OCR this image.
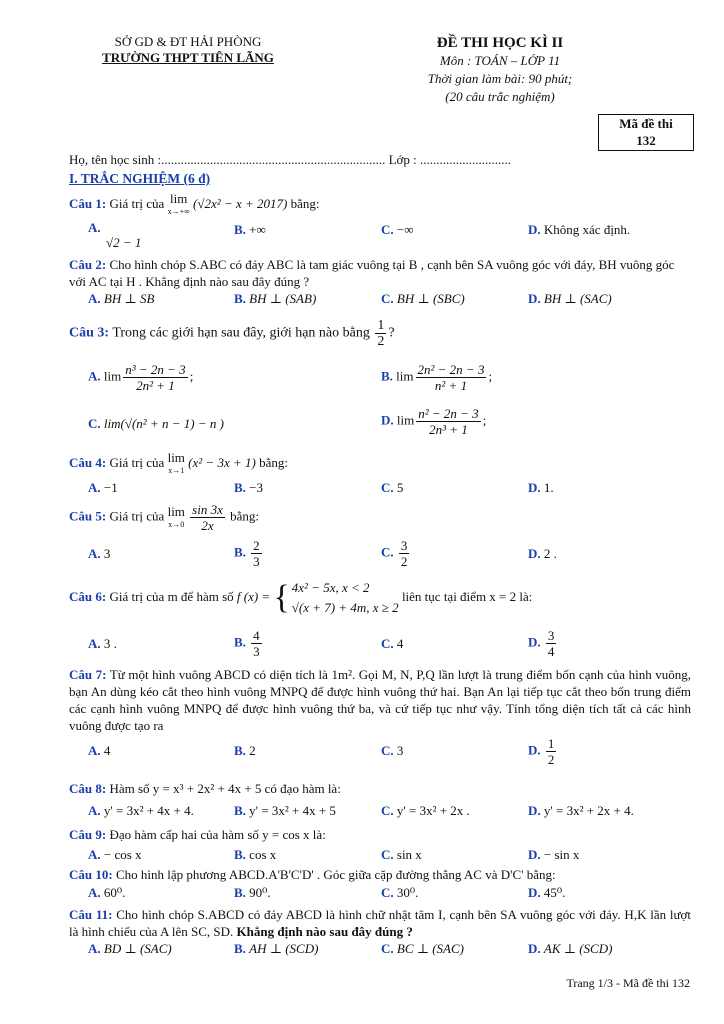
SỞ GD & ĐT HẢI PHÒNG
TRƯỜNG THPT TIÊN LÃNG
ĐỀ THI HỌC KÌ II
Môn : TOÁN – LỚP 11
Thời gian làm bài: 90 phút;
(20 câu trắc nghiệm)
Mã đề thi
132
Họ, tên học sinh :..................................................................... Lớp : ............................
I. TRẮC NGHIỆM (6 đ)
Câu 1: Giá trị của lim
x→+∞ (√2x² − x + 2017) bằng:
A.
√2 − 1
B. +∞	C. −∞	D. Không xác định.
Câu 2: Cho hình chóp S.ABC có đáy ABC là tam giác vuông tại B , cạnh bên SA vuông góc với đáy, BH vuông góc với AC tại H . Khẳng định nào sau đây đúng ?
A. BH ⊥ SB	B. BH ⊥ (SAB)	C. BH ⊥ (SBC)	D. BH ⊥ (SAC)
Câu 3: Trong các giới hạn sau đây, giới hạn nào bằng $\frac{1}{2}$ ?
A. $\lim \frac{\text{n³ − 2n − 3}}{\text{2n² + 1}}$ ;	B. $\lim \frac{\text{2n² − 2n − 3}}{\text{n² + 1}}$ ;
C. lim(√(n² + n − 1) − n )	D. $\lim \frac{\text{n² − 2n − 3}}{\text{2n³ + 1}}$ ;
Câu 4: Giá trị của lim
x→1 (x² − 3x + 1) bằng:
A. −1	B. −3	C. 5	D. 1.
Câu 5: Giá trị của lim
$x\to 0 \frac{\sin 3x}{2x}$ bằng:
A. 3	B. $\frac{2}{3}$	C. $\frac{3}{2}$	D. 2 .
Câu 6: Giá trị của m để hàm số f (x) = { 4x² − 5x, x < 2
√(x + 7) + 4m, x ≥ 2 liên tục tại điểm x = 2 là:
A. 3 .	B. $\frac{4}{3}$	C. 4	D. $\frac{3}{4}$
Câu 7: Từ một hình vuông ABCD có diện tích là 1m². Gọi M, N, P,Q lần lượt là trung điểm bốn cạnh của hình vuông, bạn An dùng kéo cắt theo hình vuông MNPQ để được hình vuông thứ hai. Bạn An lại tiếp tục cắt theo bốn trung điểm các cạnh hình vuông MNPQ để được hình vuông thứ ba, và cứ tiếp tục như vậy. Tính tổng diện tích tất cả các hình vuông được tạo ra
A. 4	B. 2	C. 3	D. $\frac{1}{2}$
Câu 8: Hàm số y = x³ + 2x² + 4x + 5 có đạo hàm là:
A. y' = 3x² + 4x + 4.	B. y' = 3x² + 4x + 5	C. y' = 3x² + 2x .	D. y' = 3x² + 2x + 4.
Câu 9: Đạo hàm cấp hai của hàm số y = cos x là:
A. − cos x	B. cos x	C. sin x	D. − sin x
Câu 10: Cho hình lập phương ABCD.A'B'C'D' . Góc giữa cặp đường thẳng AC và D'C' bằng:
A. 60⁰.	B. 90⁰.	C. 30⁰.	D. 45⁰.
Câu 11: Cho hình chóp S.ABCD có đáy ABCD là hình chữ nhật tâm I, cạnh bên SA vuông góc với đáy. H,K lần lượt là hình chiếu của A lên SC, SD. Khẳng định nào sau đây đúng ?
A. BD ⊥ (SAC)	B. AH ⊥ (SCD)	C. BC ⊥ (SAC)	D. AK ⊥ (SCD)
Trang 1/3 - Mã đề thi 132
